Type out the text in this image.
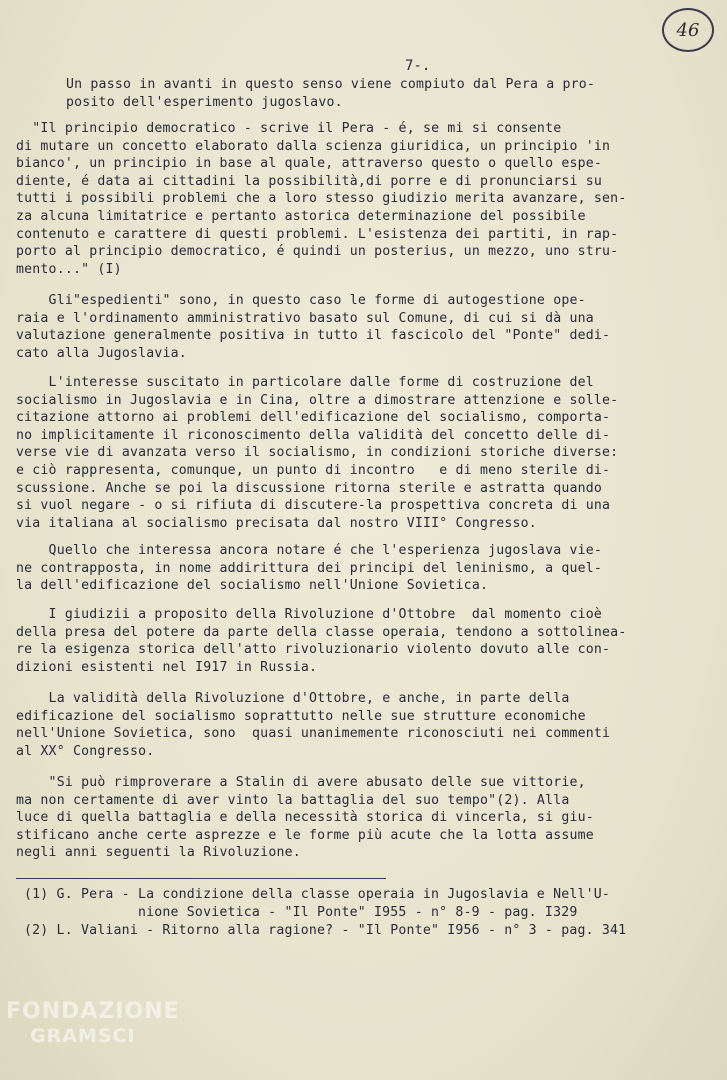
46
7-.

Un passo in avanti in questo senso viene compiuto dal Pera a pro-
posito dell'esperimento jugoslavo.

"Il principio democratico - scrive il Pera - é, se mi si consente
di mutare un concetto elaborato dalla scienza giuridica, un principio 'in
bianco', un principio in base al quale, attraverso questo o quello espe-
diente, é data ai cittadini la possibilità,di porre e di pronunciarsi su
tutti i possibili problemi che a loro stesso giudizio merita avanzare, sen-
za alcuna limitatrice e pertanto astorica determinazione del possibile
contenuto e carattere di questi problemi. L'esistenza dei partiti, in rap-
porto al principio democratico, é quindi un posterius, un mezzo, uno stru-
mento..." (I)

Gli"espedienti" sono, in questo caso le forme di autogestione ope-
raia e l'ordinamento amministrativo basato sul Comune, di cui si dà una
valutazione generalmente positiva in tutto il fascicolo del "Ponte" dedi-
cato alla Jugoslavia.

L'interesse suscitato in particolare dalle forme di costruzione del
socialismo in Jugoslavia e in Cina, oltre a dimostrare attenzione e solle-
citazione attorno ai problemi dell'edificazione del socialismo, comporta-
no implicitamente il riconoscimento della validità del concetto delle di-
verse vie di avanzata verso il socialismo, in condizioni storiche diverse:
e ciò rappresenta, comunque, un punto di incontro   e di meno sterile di-
scussione. Anche se poi la discussione ritorna sterile e astratta quando
si vuol negare - o si rifiuta di discutere-la prospettiva concreta di una
via italiana al socialismo precisata dal nostro VIII° Congresso.

Quello che interessa ancora notare é che l'esperienza jugoslava vie-
ne contrapposta, in nome addirittura dei principi del leninismo, a quel-
la dell'edificazione del socialismo nell'Unione Sovietica.

I giudizii a proposito della Rivoluzione d'Ottobre  dal momento cioè
della presa del potere da parte della classe operaia, tendono a sottolinea-
re la esigenza storica dell'atto rivoluzionario violento dovuto alle con-
dizioni esistenti nel I917 in Russia.

La validità della Rivoluzione d'Ottobre, e anche, in parte della
edificazione del socialismo soprattutto nelle sue strutture economiche
nell'Unione Sovietica, sono  quasi unanimemente riconosciuti nei commenti
al XX° Congresso.

"Si può rimproverare a Stalin di avere abusato delle sue vittorie,
ma non certamente di aver vinto la battaglia del suo tempo"(2). Alla
luce di quella battaglia e della necessità storica di vincerla, si giu-
stificano anche certe asprezze e le forme più acute che la lotta assume
negli anni seguenti la Rivoluzione.

(1) G. Pera - La condizione della classe operaia in Jugoslavia e Nell'U-
nione Sovietica - "Il Ponte" I955 - n° 8-9 - pag. I329

(2) L. Valiani - Ritorno alla ragione? - "Il Ponte" I956 - n° 3 - pag. 341

FONDAZIONE
GRAMSCI
